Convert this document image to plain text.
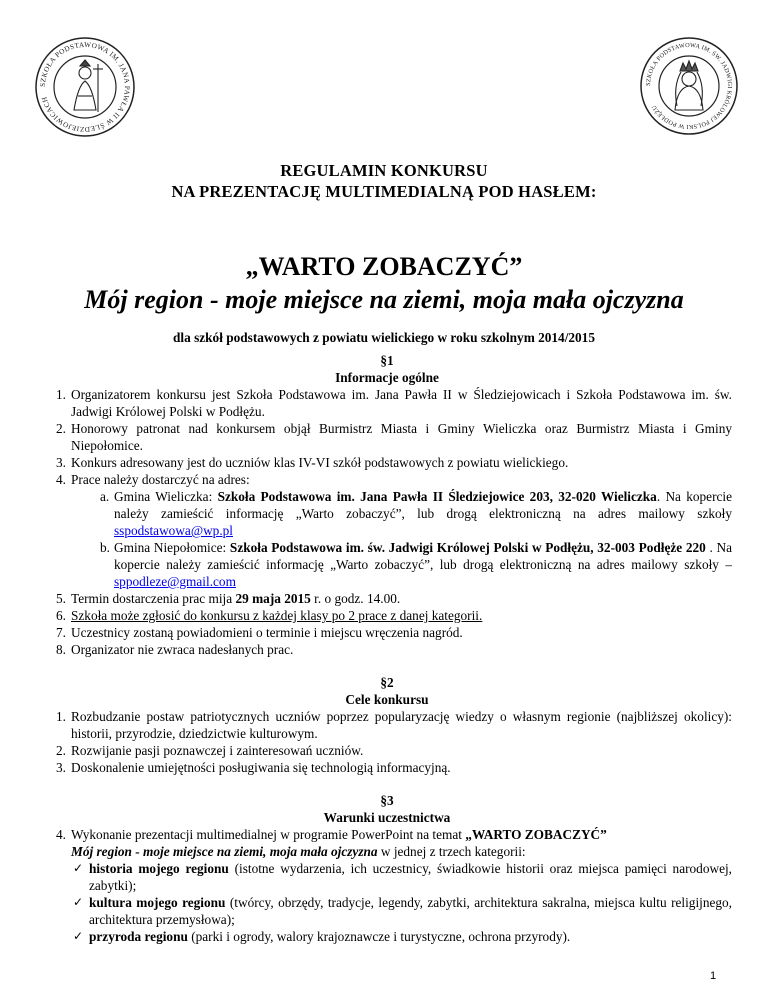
SZKOŁA PODSTAWOWA IM. JANA PAWŁA II W ŚLEDZIEJOWICACH
SZKOŁA PODSTAWOWA IM. ŚW. JADWIGI KRÓLOWEJ POLSKI W PODŁĘŻU
REGULAMIN KONKURSU
NA PREZENTACJĘ MULTIMEDIALNĄ POD HASŁEM:
„WARTO ZOBACZYĆ”
Mój region - moje miejsce na ziemi, moja mała ojczyzna
dla szkół podstawowych z powiatu wielickiego w roku szkolnym 2014/2015
§1
Informacje ogólne
1. Organizatorem konkursu jest Szkoła Podstawowa im. Jana Pawła II w Śledziejowicach i Szkoła Podstawowa im. św. Jadwigi Królowej Polski w Podłężu.
2. Honorowy patronat nad konkursem objął Burmistrz Miasta i Gminy Wieliczka oraz Burmistrz Miasta i Gminy Niepołomice.
3. Konkurs adresowany jest do uczniów klas IV-VI szkół podstawowych z powiatu wielickiego.
4. Prace należy dostarczyć na adres:
a. Gmina Wieliczka: Szkoła Podstawowa im. Jana Pawła II Śledziejowice 203, 32-020 Wieliczka. Na kopercie należy zamieścić informację „Warto zobaczyć”, lub drogą elektroniczną na adres mailowy szkoły sspodstawowa@wp.pl
b. Gmina Niepołomice: Szkoła Podstawowa im. św. Jadwigi Królowej Polski w Podłężu, 32-003 Podłęże 220 . Na kopercie należy zamieścić informację „Warto zobaczyć”, lub drogą elektroniczną na adres mailowy szkoły – sppodleze@gmail.com
5. Termin dostarczenia prac mija 29 maja 2015 r. o godz. 14.00.
6. Szkoła może zgłosić do konkursu z każdej klasy po 2 prace z danej kategorii.
7. Uczestnicy zostaną powiadomieni o terminie i miejscu wręczenia nagród.
8. Organizator nie zwraca nadesłanych prac.
§2
Cele konkursu
1. Rozbudzanie postaw patriotycznych uczniów poprzez popularyzację wiedzy o własnym regionie (najbliższej okolicy): historii, przyrodzie, dziedzictwie kulturowym.
2. Rozwijanie pasji poznawczej i zainteresowań uczniów.
3. Doskonalenie umiejętności posługiwania się technologią informacyjną.
§3
Warunki uczestnictwa
4. Wykonanie prezentacji multimedialnej w programie PowerPoint na temat „WARTO ZOBACZYĆ”
Mój region - moje miejsce na ziemi, moja mała ojczyzna w jednej z trzech kategorii:
✓ historia mojego regionu (istotne wydarzenia, ich uczestnicy, świadkowie historii oraz miejsca pamięci narodowej, zabytki);
✓ kultura mojego regionu (twórcy, obrzędy, tradycje, legendy, zabytki, architektura sakralna, miejsca kultu religijnego, architektura przemysłowa);
✓ przyroda regionu (parki i ogrody, walory krajoznawcze i turystyczne, ochrona przyrody).
1
